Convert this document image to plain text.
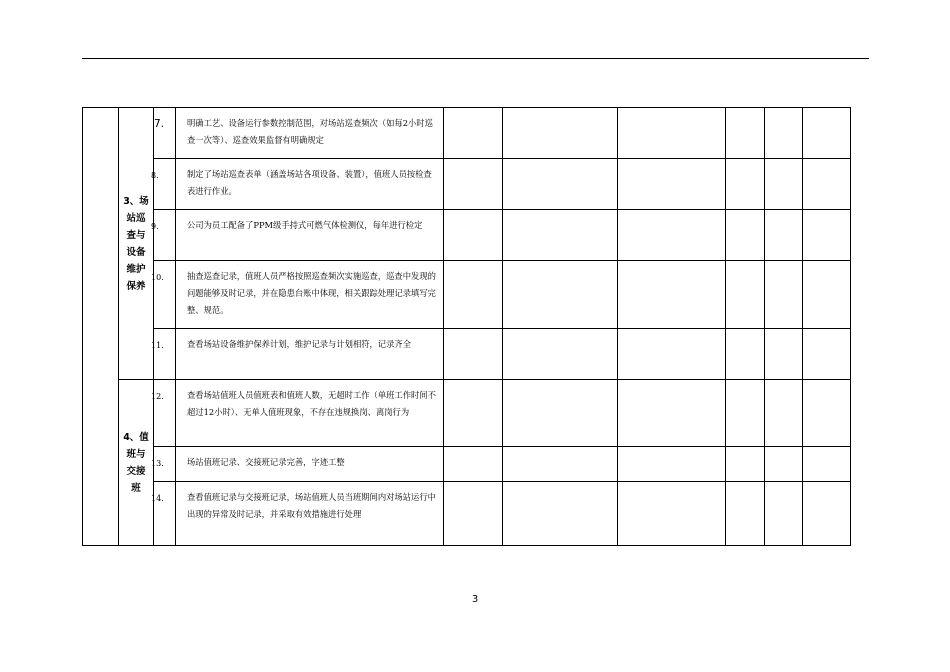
	3、场站巡查与设备维护保养	7.	明确工艺、设备运行参数控制范围，对场站巡查频次（如每2小时巡查一次等）、巡查效果监督有明确规定						

		8.	制定了场站巡查表单（涵盖场站各项设备、装置），值班人员按检查表进行作业。						

		9.	公司为员工配备了PPM级手持式可燃气体检测仪，每年进行检定						

		10.	抽查巡查记录，值班人员严格按照巡查频次实施巡查，巡查中发现的问题能够及时记录，并在隐患台账中体现，相关跟踪处理记录填写完整、规范。						

		11.	查看场站设备维护保养计划，维护记录与计划相符，记录齐全						

	4、值班与交接班	12.	查看场站值班人员值班表和值班人数，无超时工作（单班工作时间不超过12小时）、无单人值班现象，不存在违规换岗、离岗行为						

		13.	场站值班记录、交接班记录完善，字迹工整						

		14.	查看值班记录与交接班记录，场站值班人员当班期间内对场站运行中出现的异常及时记录，并采取有效措施进行处理						

3
